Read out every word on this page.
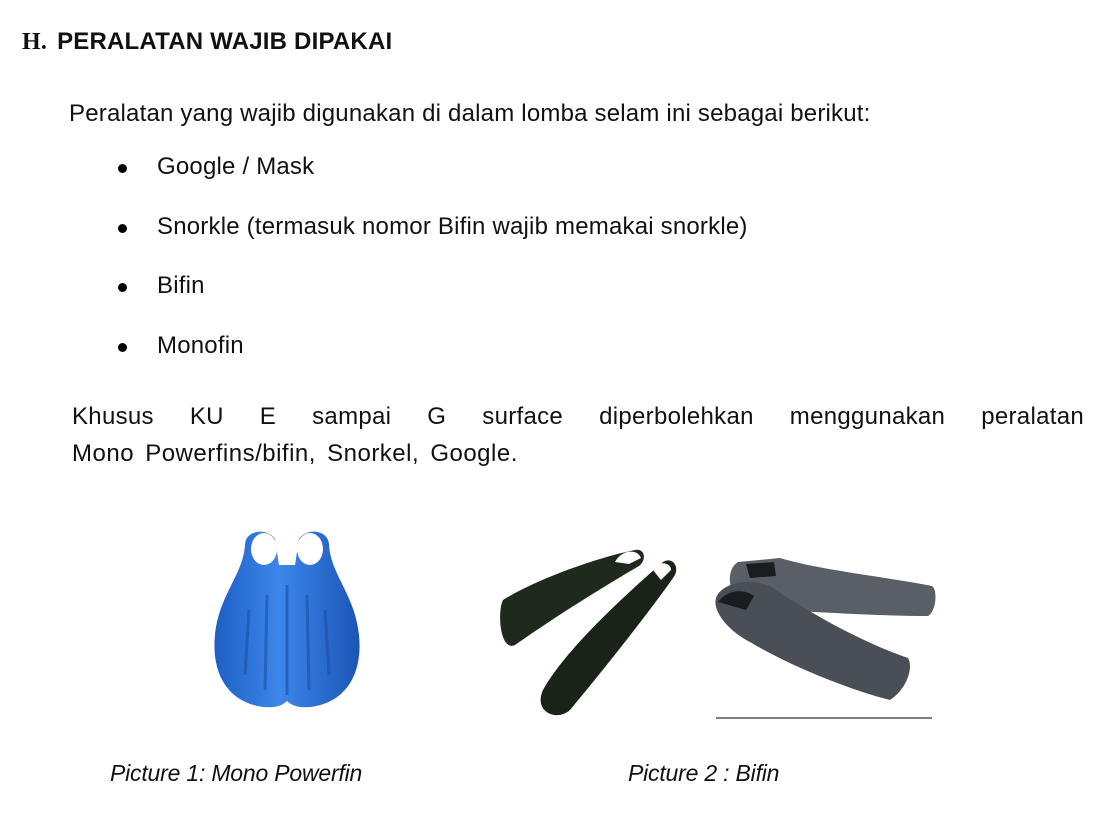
H. PERALATAN WAJIB DIPAKAI

Peralatan yang wajib digunakan di dalam lomba selam ini sebagai berikut:

Google / Mask
Snorkle (termasuk nomor Bifin wajib memakai snorkle)
Bifin
Monofin

Khusus KU E sampai G surface diperbolehkan menggunakan peralatan

Mono Powerfins/bifin, Snorkel, Google.

Picture 1: Mono Powerfin	Picture 2 : Bifin
